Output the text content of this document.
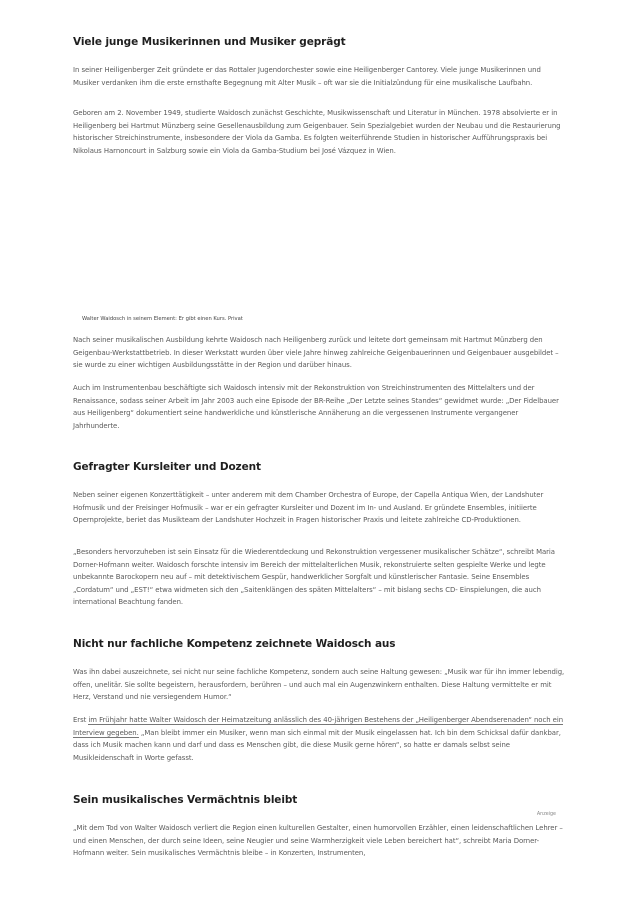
Viele junge Musikerinnen und Musiker geprägt

In seiner Heiligenberger Zeit gründete er das Rottaler Jugendorchester sowie eine Heiligenberger Cantorey. Viele junge Musikerinnen und Musiker verdanken ihm die erste ernsthafte Begegnung mit Alter Musik – oft war sie die Initialzündung für eine musikalische Laufbahn.

Geboren am 2. November 1949, studierte Waidosch zunächst Geschichte, Musikwissenschaft und Literatur in München. 1978 absolvierte er in Heiligenberg bei Hartmut Münzberg seine Gesellenausbildung zum Geigenbauer. Sein Spezialgebiet wurden der Neubau und die Restaurierung historischer Streichinstrumente, insbesondere der Viola da Gamba. Es folgten weiterführende Studien in historischer Aufführungspraxis bei Nikolaus Harnoncourt in Salzburg sowie ein Viola da Gamba-Studium bei José Vázquez in Wien.

Walter Waidosch in seinem Element: Er gibt einen Kurs. Privat

Nach seiner musikalischen Ausbildung kehrte Waidosch nach Heiligenberg zurück und leitete dort gemeinsam mit Hartmut Münzberg den Geigenbau-Werkstattbetrieb. In dieser Werkstatt wurden über viele Jahre hinweg zahlreiche Geigenbauerinnen und Geigenbauer ausgebildet – sie wurde zu einer wichtigen Ausbildungsstätte in der Region und darüber hinaus.

Auch im Instrumentenbau beschäftigte sich Waidosch intensiv mit der Rekonstruktion von Streichinstrumenten des Mittelalters und der Renaissance, sodass seiner Arbeit im Jahr 2003 auch eine Episode der BR-Reihe „Der Letzte seines Standes“ gewidmet wurde: „Der Fidelbauer aus Heiligenberg“ dokumentiert seine handwerkliche und künstlerische Annäherung an die vergessenen Instrumente vergangener Jahrhunderte.

Gefragter Kursleiter und Dozent

Neben seiner eigenen Konzerttätigkeit – unter anderem mit dem Chamber Orchestra of Europe, der Capella Antiqua Wien, der Landshuter Hofmusik und der Freisinger Hofmusik – war er ein gefragter Kursleiter und Dozent im In- und Ausland. Er gründete Ensembles, initiierte Opernprojekte, beriet das Musikteam der Landshuter Hochzeit in Fragen historischer Praxis und leitete zahlreiche CD-Produktionen.

„Besonders hervorzuheben ist sein Einsatz für die Wiederentdeckung und Rekonstruktion vergessener musikalischer Schätze“, schreibt Maria Dorner-Hofmann weiter. Waidosch forschte intensiv im Bereich der mittelalterlichen Musik, rekonstruierte selten gespielte Werke und legte unbekannte Barockopern neu auf – mit detektivischem Gespür, handwerklicher Sorgfalt und künstlerischer Fantasie. Seine Ensembles „Cordatum“ und „EST!“ etwa widmeten sich den „Saitenklängen des späten Mittelalters“ – mit bislang sechs CD- Einspielungen, die auch international Beachtung fanden.

Nicht nur fachliche Kompetenz zeichnete Waidosch aus

Was ihn dabei auszeichnete, sei nicht nur seine fachliche Kompetenz, sondern auch seine Haltung gewesen: „Musik war für ihn immer lebendig, offen, unelitär. Sie sollte begeistern, herausfordern, berühren – und auch mal ein Augenzwinkern enthalten. Diese Haltung vermittelte er mit Herz, Verstand und nie versiegendem Humor.“

Erst im Frühjahr hatte Walter Waidosch der Heimatzeitung anlässlich des 40-jährigen Bestehens der „Heiligenberger Abendserenaden“ noch ein Interview gegeben. „Man bleibt immer ein Musiker, wenn man sich einmal mit der Musik eingelassen hat. Ich bin dem Schicksal dafür dankbar, dass ich Musik machen kann und darf und dass es Menschen gibt, die diese Musik gerne hören“, so hatte er damals selbst seine Musikleidenschaft in Worte gefasst.

Sein musikalisches Vermächtnis bleibt
Anzeige

„Mit dem Tod von Walter Waidosch verliert die Region einen kulturellen Gestalter, einen humorvollen Erzähler, einen leidenschaftlichen Lehrer – und einen Menschen, der durch seine Ideen, seine Neugier und seine Warmherzigkeit viele Leben bereichert hat“, schreibt Maria Dorner-Hofmann weiter. Sein musikalisches Vermächtnis bleibe – in Konzerten, Instrumenten,
